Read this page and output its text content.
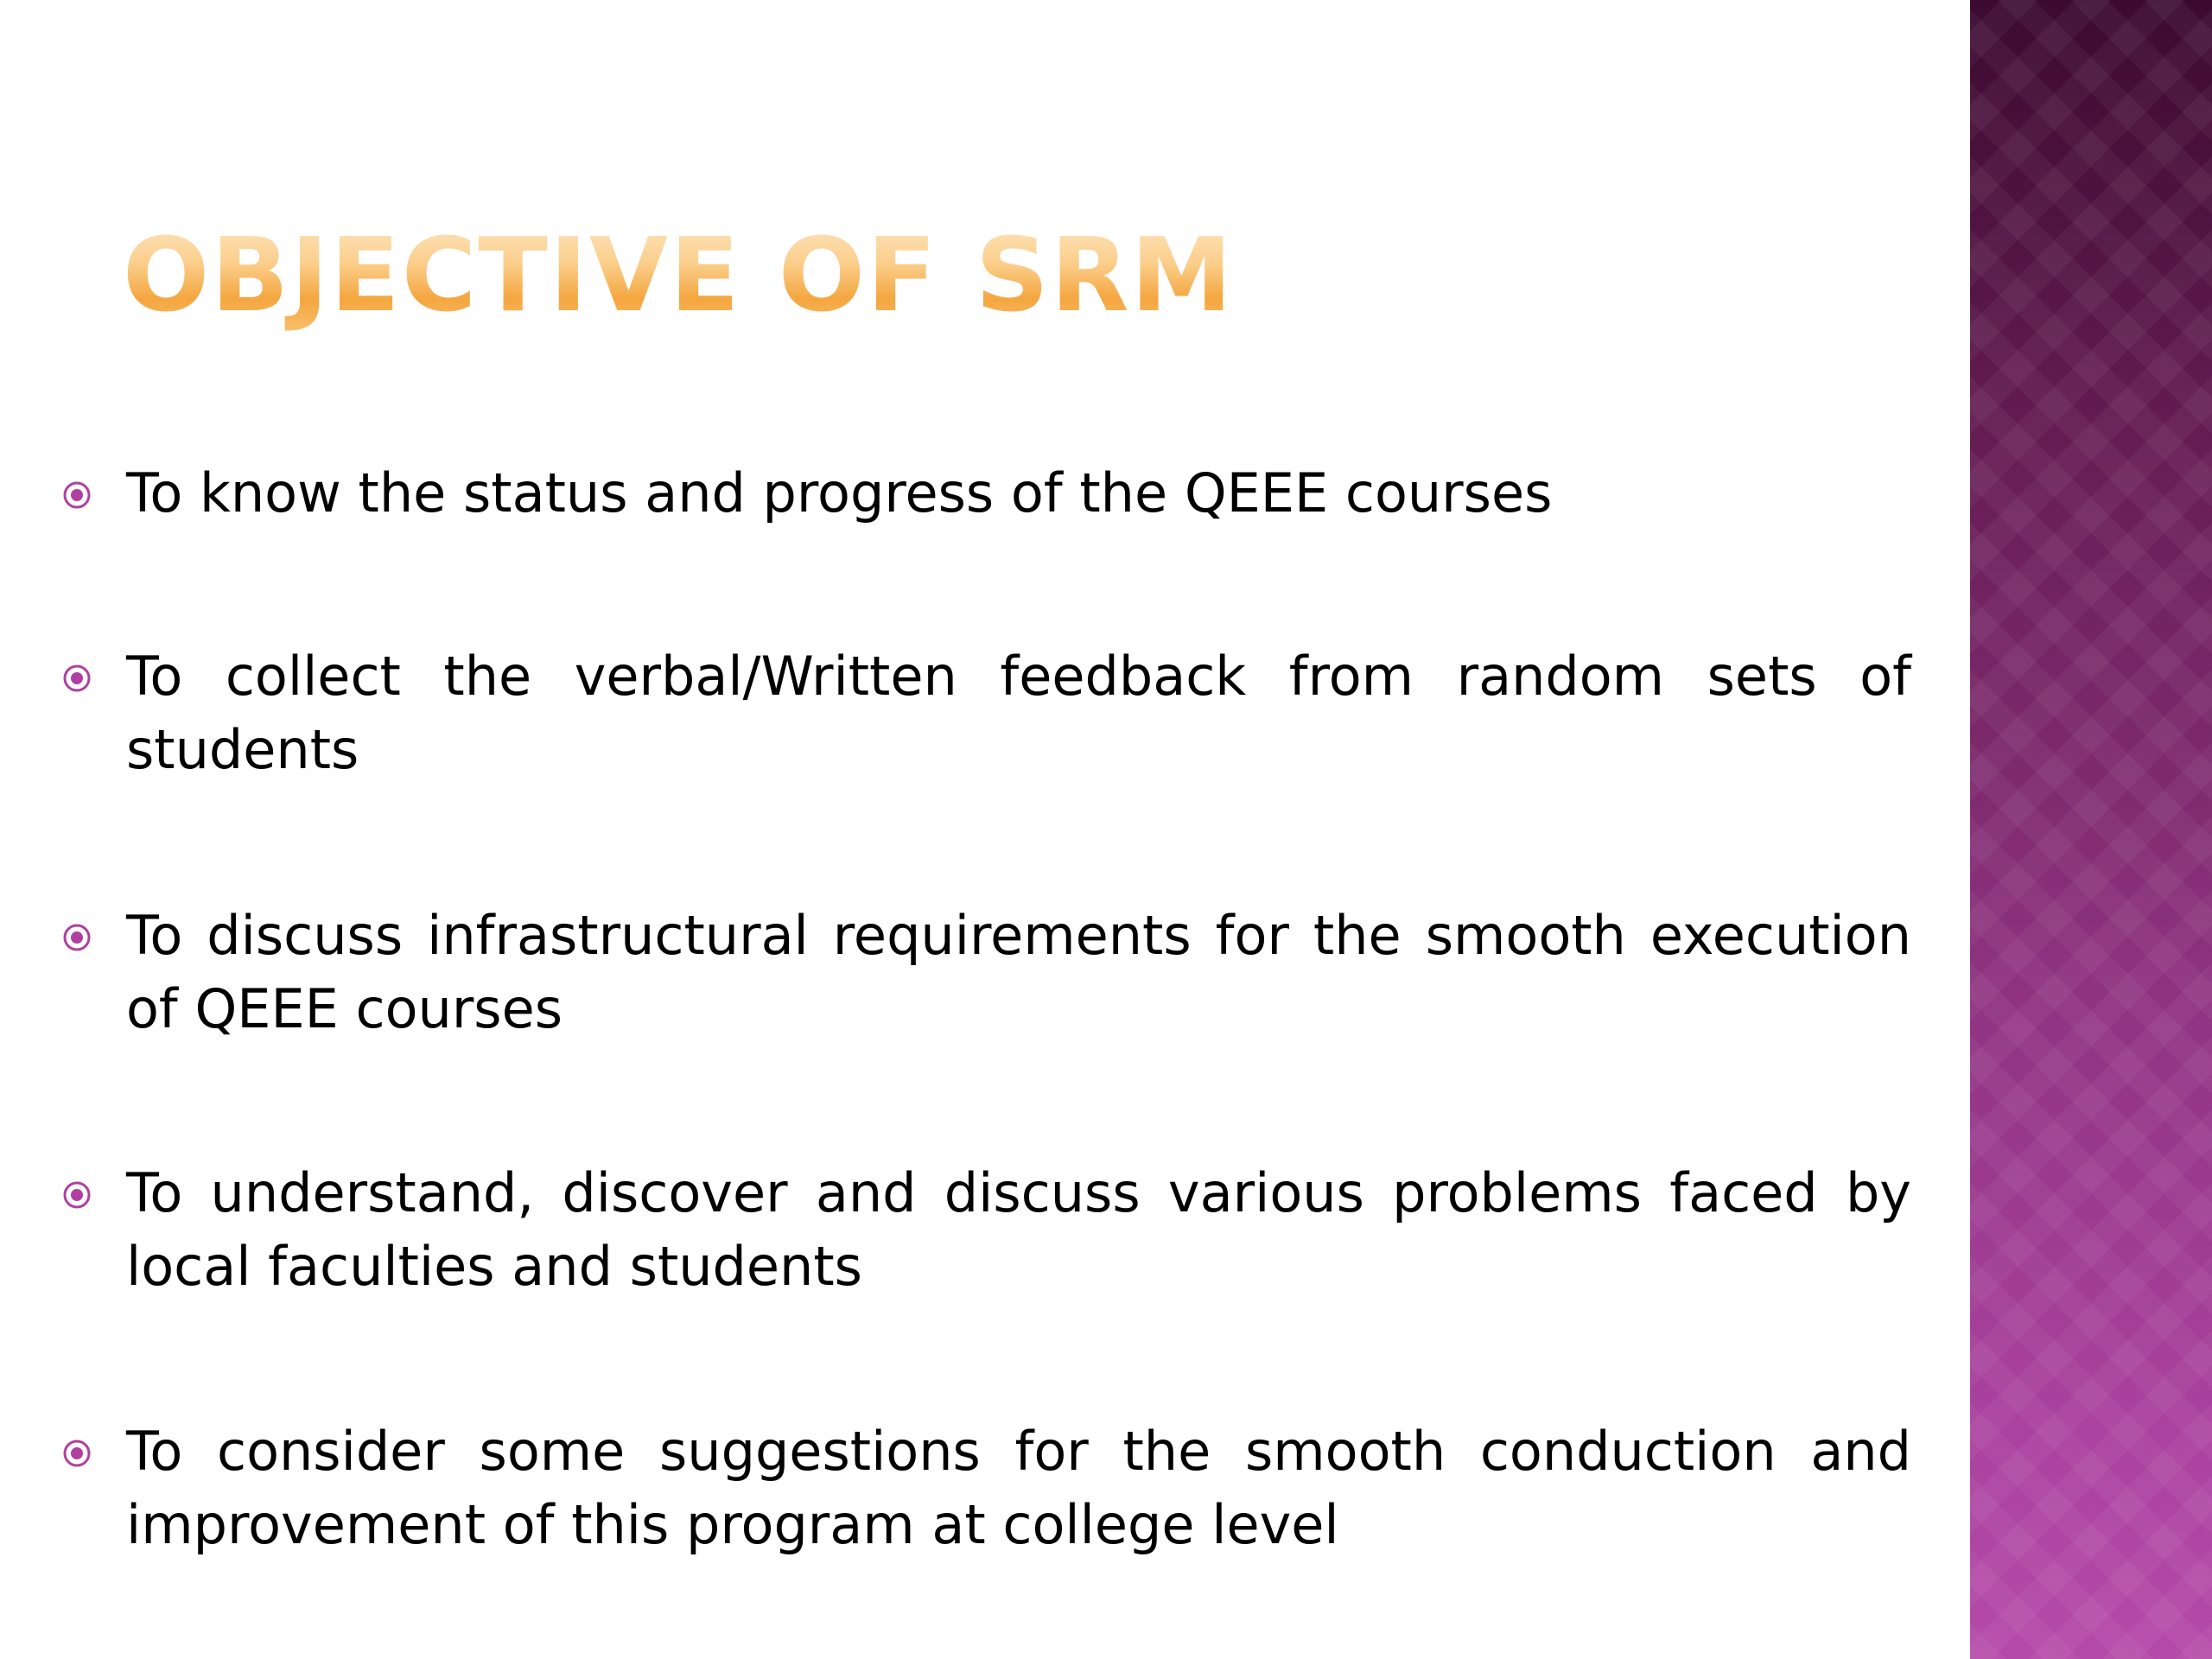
OBJECTIVE OF SRM
To know the status and progress of the QEEE courses
To collect the verbal/Written feedback from random sets of students
To discuss infrastructural requirements for the smooth execution of QEEE courses
To understand, discover and discuss various problems faced by local faculties and students
To consider some suggestions for the smooth conduction and improvement of this program at college level
